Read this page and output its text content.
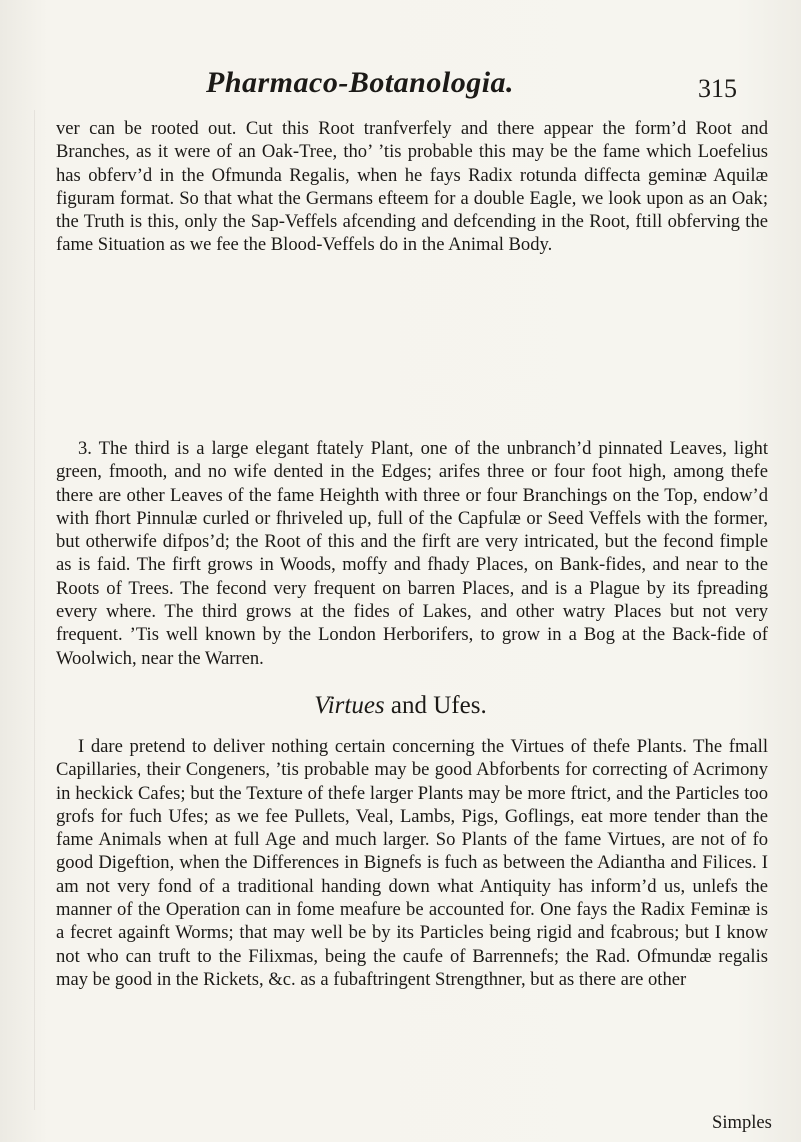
Pharmaco-Botanologia.	315

ver can be rooted out. Cut this Root tranfverfely and there appear the form’d Root and Branches, as it were of an Oak-Tree, tho’ ’tis probable this may be the fame which Loefelius has obferv’d in the Ofmunda Regalis, when he fays Radix rotunda diffecta geminæ Aquilæ figuram format. So that what the Germans efteem for a double Eagle, we look upon as an Oak; the Truth is this, only the Sap-Veffels afcending and defcending in the Root, ftill obferving the fame Situation as we fee the Blood-Veffels do in the Animal Body.

3. The third is a large elegant ftately Plant, one of the unbranch’d pinnated Leaves, light green, fmooth, and no wife dented in the Edges; arifes three or four foot high, among thefe there are other Leaves of the fame Heighth with three or four Branchings on the Top, endow’d with fhort Pinnulæ curled or fhriveled up, full of the Capfulæ or Seed Veffels with the former, but otherwife difpos’d; the Root of this and the firft are very intricated, but the fecond fimple as is faid. The firft grows in Woods, moffy and fhady Places, on Bank-fides, and near to the Roots of Trees. The fecond very frequent on barren Places, and is a Plague by its fpreading every where. The third grows at the fides of Lakes, and other watry Places but not very frequent. ’Tis well known by the London Herborifers, to grow in a Bog at the Back-fide of Woolwich, near the Warren.

Virtues and Ufes.

I dare pretend to deliver nothing certain concerning the Virtues of thefe Plants. The fmall Capillaries, their Congeners, ’tis probable may be good Abforbents for correcting of Acrimony in heckick Cafes; but the Texture of thefe larger Plants may be more ftrict, and the Particles too grofs for fuch Ufes; as we fee Pullets, Veal, Lambs, Pigs, Goflings, eat more tender than the fame Animals when at full Age and much larger. So Plants of the fame Virtues, are not of fo good Digeftion, when the Differences in Bignefs is fuch as between the Adiantha and Filices. I am not very fond of a traditional handing down what Antiquity has inform’d us, unlefs the manner of the Operation can in fome meafure be accounted for. One fays the Radix Feminæ is a fecret againft Worms; that may well be by its Particles being rigid and fcabrous; but I know not who can truft to the Filixmas, being the caufe of Barrennefs; the Rad. Ofmundæ regalis may be good in the Rickets, &c. as a fubaftringent Strengthner, but as there are other

Simples
